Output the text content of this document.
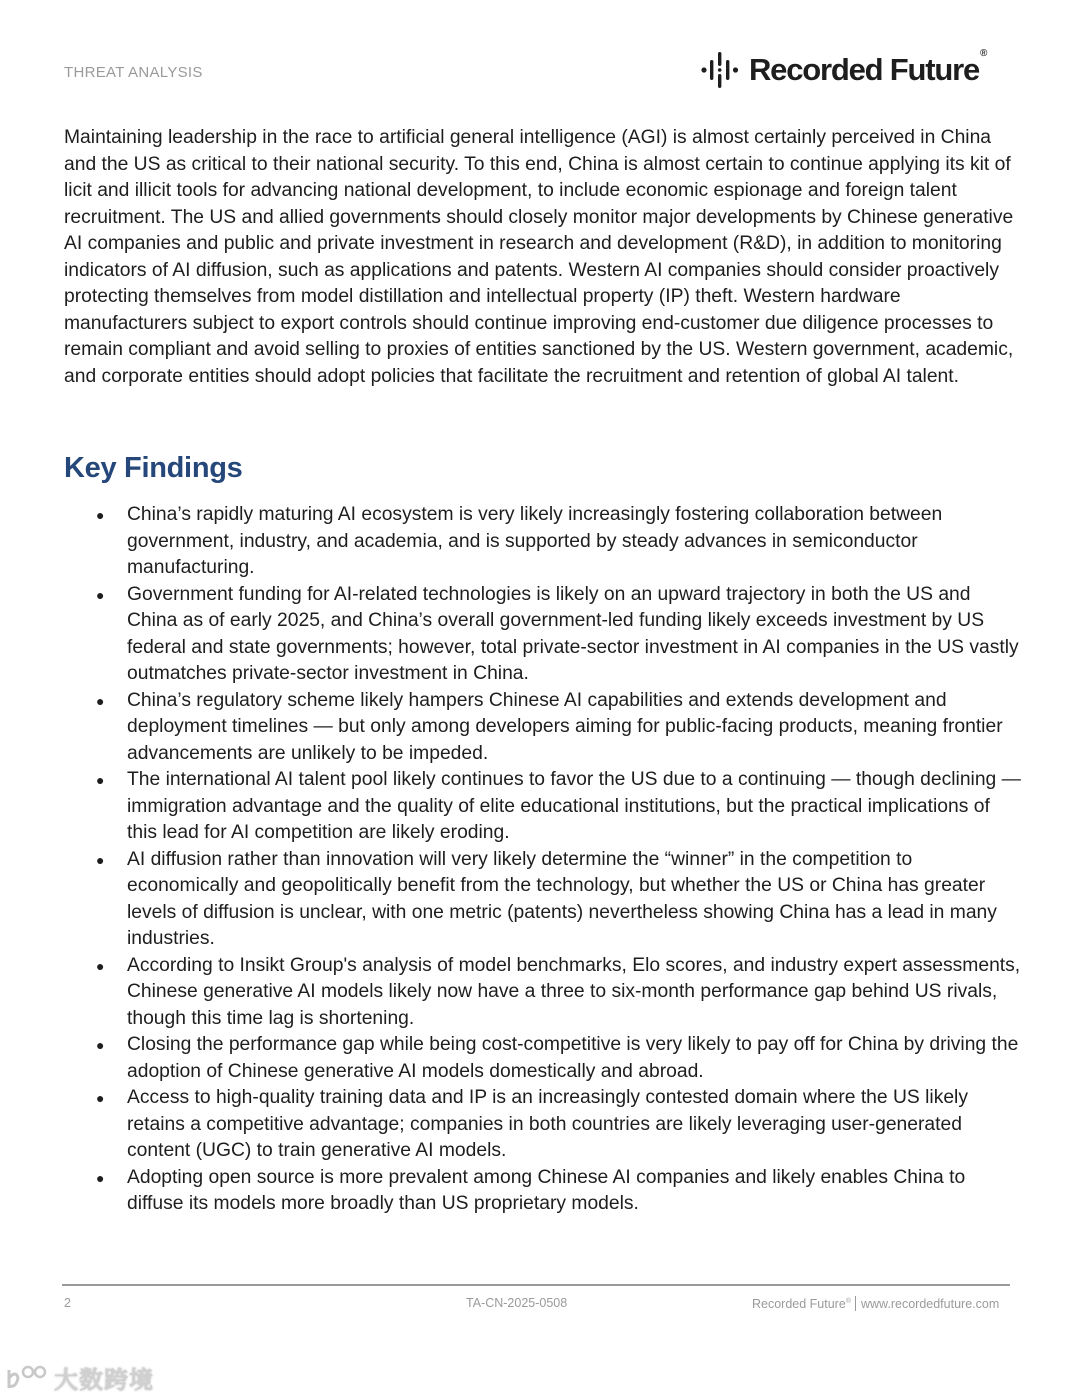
THREAT ANALYSIS	Recorded Future®

Maintaining leadership in the race to artificial general intelligence (AGI) is almost certainly perceived in China and the US as critical to their national security. To this end, China is almost certain to continue applying its kit of licit and illicit tools for advancing national development, to include economic espionage and foreign talent recruitment. The US and allied governments should closely monitor major developments by Chinese generative AI companies and public and private investment in research and development (R&D), in addition to monitoring indicators of AI diffusion, such as applications and patents. Western AI companies should consider proactively protecting themselves from model distillation and intellectual property (IP) theft. Western hardware manufacturers subject to export controls should continue improving end-customer due diligence processes to remain compliant and avoid selling to proxies of entities sanctioned by the US. Western government, academic, and corporate entities should adopt policies that facilitate the recruitment and retention of global AI talent.

Key Findings
● China’s rapidly maturing AI ecosystem is very likely increasingly fostering collaboration between government, industry, and academia, and is supported by steady advances in semiconductor manufacturing.
● Government funding for AI-related technologies is likely on an upward trajectory in both the US and China as of early 2025, and China’s overall government-led funding likely exceeds investment by US federal and state governments; however, total private-sector investment in AI companies in the US vastly outmatches private-sector investment in China.
● China’s regulatory scheme likely hampers Chinese AI capabilities and extends development and deployment timelines — but only among developers aiming for public-facing products, meaning frontier advancements are unlikely to be impeded.
● The international AI talent pool likely continues to favor the US due to a continuing — though declining — immigration advantage and the quality of elite educational institutions, but the practical implications of this lead for AI competition are likely eroding.
● AI diffusion rather than innovation will very likely determine the “winner” in the competition to economically and geopolitically benefit from the technology, but whether the US or China has greater levels of diffusion is unclear, with one metric (patents) nevertheless showing China has a lead in many industries.
● According to Insikt Group's analysis of model benchmarks, Elo scores, and industry expert assessments, Chinese generative AI models likely now have a three to six-month performance gap behind US rivals, though this time lag is shortening.
● Closing the performance gap while being cost-competitive is very likely to pay off for China by driving the adoption of Chinese generative AI models domestically and abroad.
● Access to high-quality training data and IP is an increasingly contested domain where the US likely retains a competitive advantage; companies in both countries are likely leveraging user-generated content (UGC) to train generative AI models.
● Adopting open source is more prevalent among Chinese AI companies and likely enables China to diffuse its models more broadly than US proprietary models.
2	TA-CN-2025-0508	Recorded Future® www.recordedfuture.com
大数跨境
